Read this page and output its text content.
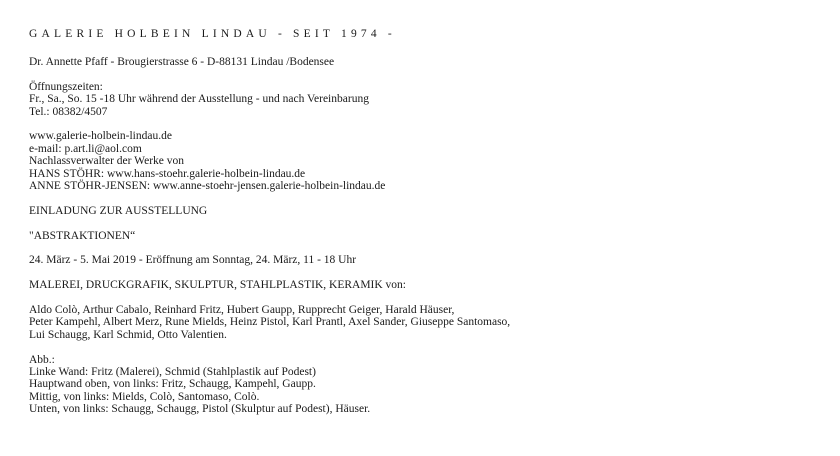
GALERIE HOLBEIN LINDAU - SEIT 1974 -
Dr. Annette Pfaff - Brougierstrasse 6 - D-88131 Lindau /Bodensee
Öffnungszeiten:
Fr., Sa., So. 15 -18 Uhr während der Ausstellung - und nach Vereinbarung
Tel.: 08382/4507
www.galerie-holbein-lindau.de
e-mail: p.art.li@aol.com
Nachlassverwalter der Werke von
HANS STÖHR: www.hans-stoehr.galerie-holbein-lindau.de
ANNE STÖHR-JENSEN: www.anne-stoehr-jensen.galerie-holbein-lindau.de
EINLADUNG ZUR AUSSTELLUNG
"ABSTRAKTIONEN“
24. März - 5. Mai 2019 - Eröffnung am Sonntag, 24. März, 11 - 18 Uhr
MALEREI, DRUCKGRAFIK, SKULPTUR, STAHLPLASTIK, KERAMIK von:
Aldo Colò, Arthur Cabalo, Reinhard Fritz, Hubert Gaupp, Rupprecht Geiger, Harald Häuser,
Peter Kampehl, Albert Merz, Rune Mields, Heinz Pistol, Karl Prantl, Axel Sander, Giuseppe Santomaso,
Lui Schaugg, Karl Schmid, Otto Valentien.
Abb.:
Linke Wand: Fritz (Malerei), Schmid (Stahlplastik auf Podest)
Hauptwand oben, von links: Fritz, Schaugg, Kampehl, Gaupp.
Mittig, von links: Mields, Colò, Santomaso, Colò.
Unten, von links: Schaugg, Schaugg, Pistol (Skulptur auf Podest), Häuser.
